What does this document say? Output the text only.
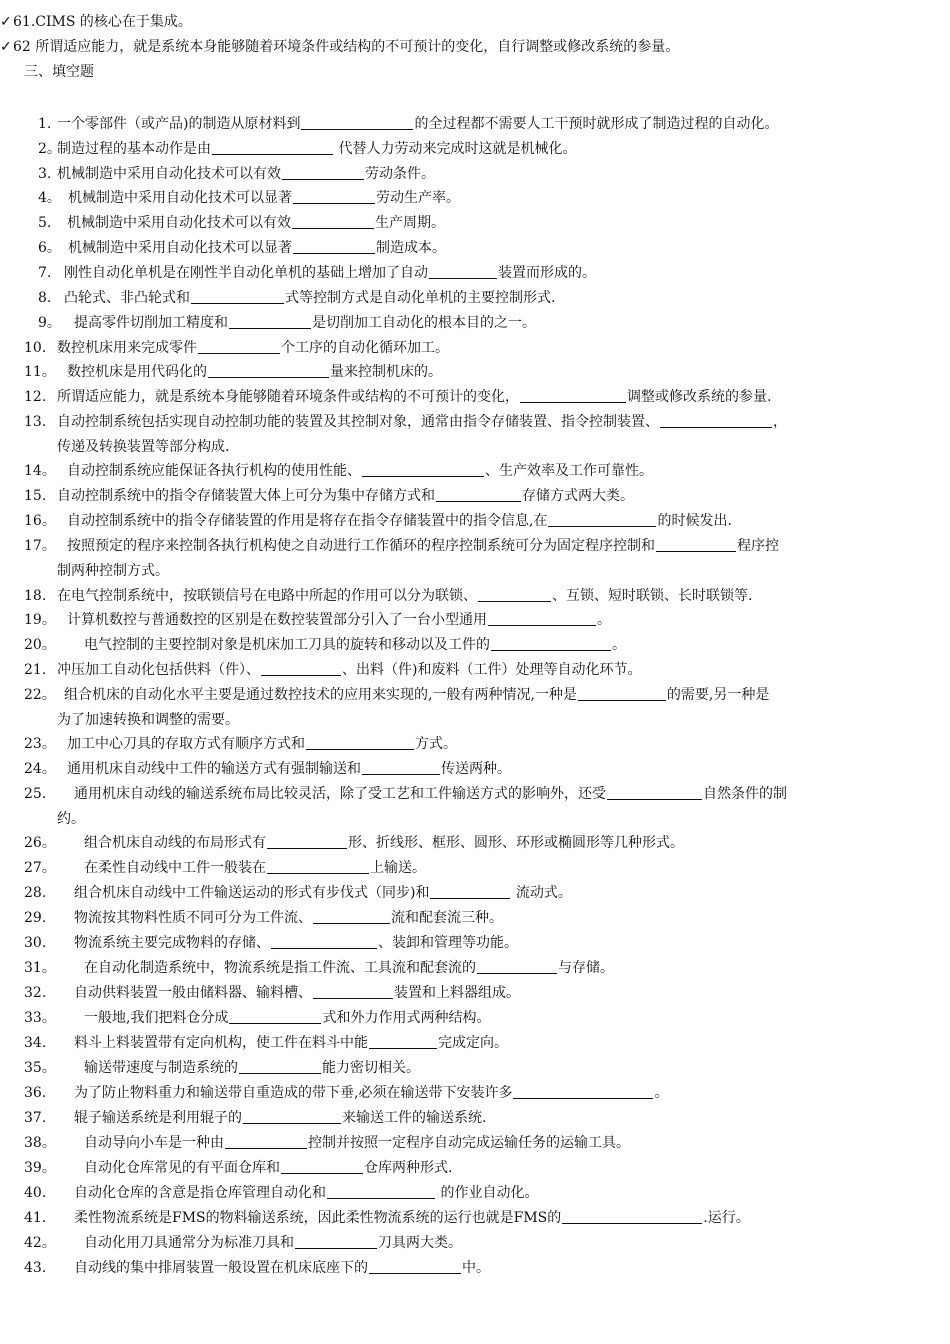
✓ 61.CIMS 的核心在于集成。
✓ 62 所谓适应能力，就是系统本身能够随着环境条件或结构的不可预计的变化，自行调整或修改系统的参量。
三、填空题
1. 一个零部件（或产品)的制造从原材料到	的全过程都不需要人工干预时就形成了制造过程的自动化。
2。
制造过程的基本动作是由	代替人力劳动来完成时这就是机械化。
3. 机械制造中采用自动化技术可以有效	劳动条件。
4。 机械制造中采用自动化技术可以显著	劳动生产率。
5. 机械制造中采用自动化技术可以有效	生产周期。
6。 机械制造中采用自动化技术可以显著	制造成本。
7. 刚性自动化单机是在刚性半自动化单机的基础上增加了自动	装置而形成的。
8. 凸轮式、非凸轮式和	式等控制方式是自动化单机的主要控制形式.
9。 提高零件切削加工精度和	是切削加工自动化的根本目的之一。
10. 数控机床用来完成零件	个工序的自动化循环加工。
11。 数控机床是用代码化的	量来控制机床的。
12. 所谓适应能力，就是系统本身能够随着环境条件或结构的不可预计的变化，	调整或修改系统的参量.
13. 自动控制系统包括实现自动控制功能的装置及其控制对象，通常由指令存储装置、指令控制装置、	，
传递及转换装置等部分构成.
14。 自动控制系统应能保证各执行机构的使用性能、	、生产效率及工作可靠性。
15. 自动控制系统中的指令存储装置大体上可分为集中存储方式和	存储方式两大类。
16。 自动控制系统中的指令存储装置的作用是将存在指令存储装置中的指令信息,在	的时候发出.
17。 按照预定的程序来控制各执行机构使之自动进行工作循环的程序控制系统可分为固定程序控制和	程序控
制两种控制方式。
18. 在电气控制系统中，按联锁信号在电路中所起的作用可以分为联锁、	、互锁、短时联锁、长时联锁等.
19。 计算机数控与普通数控的区别是在数控装置部分引入了一台小型通用	。
20。 电气控制的主要控制对象是机床加工刀具的旋转和移动以及工件的	。
21. 冲压加工自动化包括供料（件）、	、出料（件)和废料（工件）处理等自动化环节。
22。 组合机床的自动化水平主要是通过数控技术的应用来实现的,一般有两种情况,一种是	的需要,另一种是
为了加速转换和调整的需要。
23。 加工中心刀具的存取方式有顺序方式和	方式。
24。 通用机床自动线中工件的输送方式有强制输送和	传送两种。
25. 通用机床自动线的输送系统布局比较灵活，除了受工艺和工件输送方式的影响外，还受	自然条件的制
约。
26。 组合机床自动线的布局形式有	形、折线形、框形、圆形、环形或椭圆形等几种形式。
27。 在柔性自动线中工件一般装在	上输送。
28. 组合机床自动线中工件输送运动的形式有步伐式（同步)和	流动式。
29. 物流按其物料性质不同可分为工件流、	流和配套流三种。
30. 物流系统主要完成物料的存储、	、装卸和管理等功能。
31。 在自动化制造系统中，物流系统是指工件流、工具流和配套流的	与存储。
32. 自动供料装置一般由储料器、输料槽、	装置和上料器组成。
33。 一般地,我们把料仓分成	式和外力作用式两种结构。
34. 料斗上料装置带有定向机构，使工件在料斗中能	完成定向。
35。 输送带速度与制造系统的	能力密切相关。
36. 为了防止物料重力和输送带自重造成的带下垂,必须在输送带下安装许多	。
37. 辊子输送系统是利用辊子的	来输送工件的输送系统.
38。 自动导向小车是一种由	控制并按照一定程序自动完成运输任务的运输工具。
39。 自动化仓库常见的有平面仓库和	仓库两种形式.
40. 自动化仓库的含意是指仓库管理自动化和	的作业自动化。
41. 柔性物流系统是FMS的物料输送系统，因此柔性物流系统的运行也就是FMS的	.运行。
42。 自动化用刀具通常分为标准刀具和	刀具两大类。
43. 自动线的集中排屑装置一般设置在机床底座下的	中。
